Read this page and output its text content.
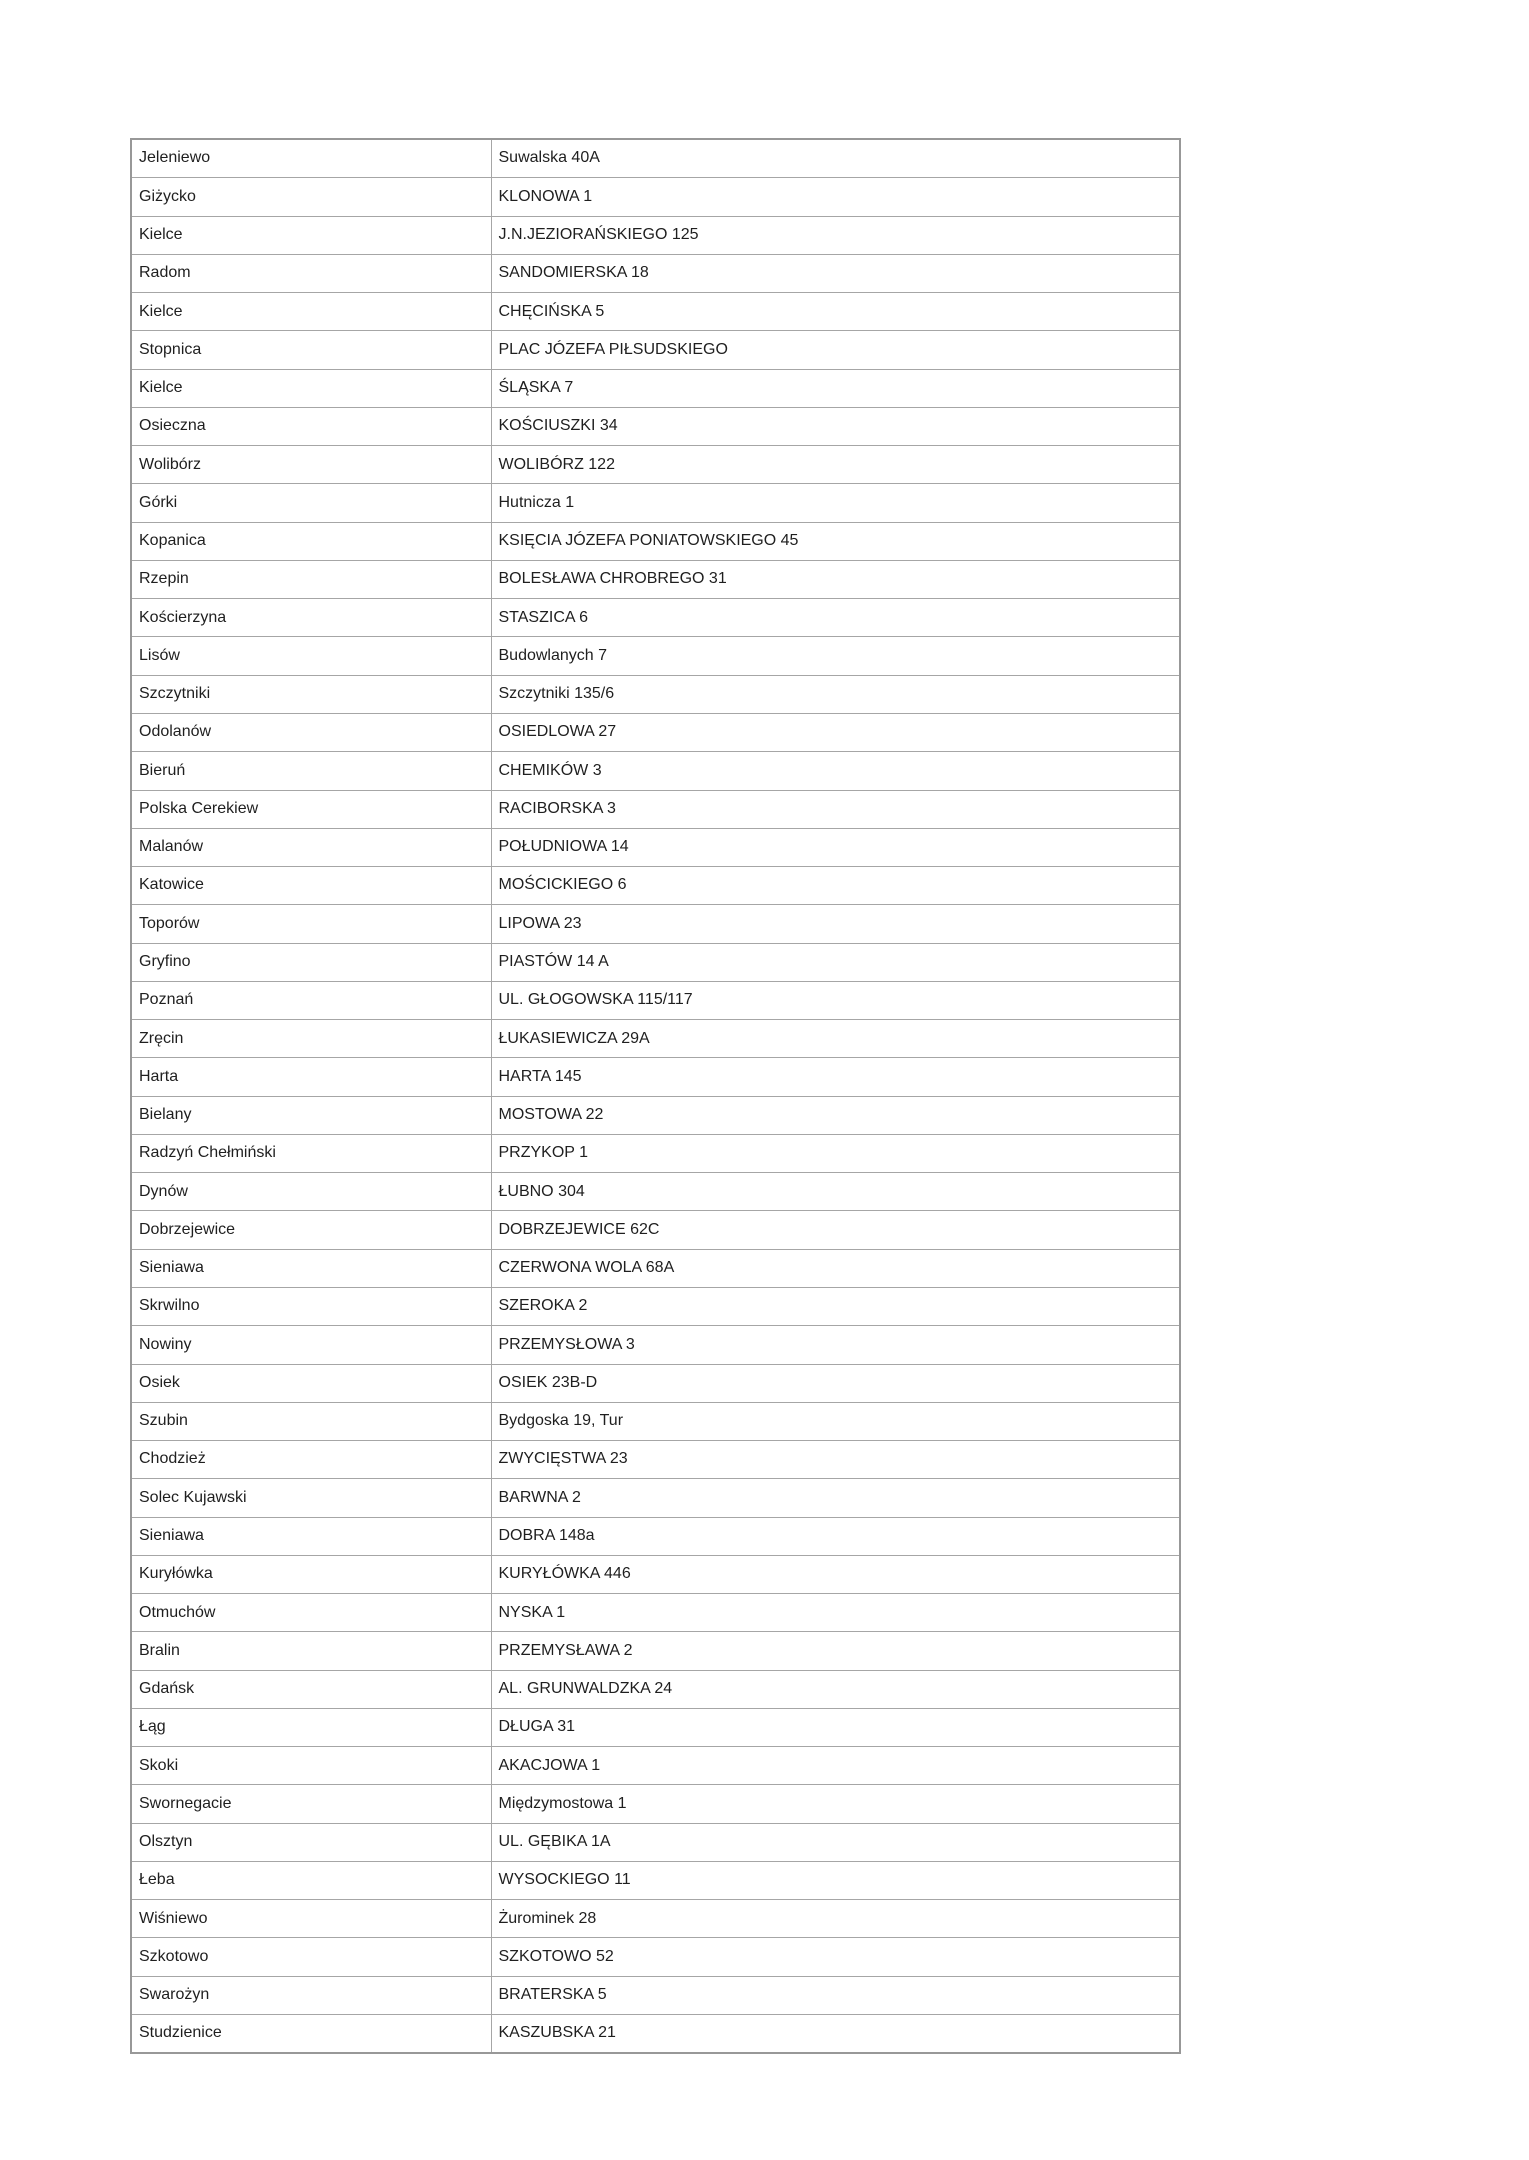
Jeleniewo	Suwalska 40A
Giżycko	KLONOWA 1
Kielce	J.N.JEZIORAŃSKIEGO 125
Radom	SANDOMIERSKA 18
Kielce	CHĘCIŃSKA 5
Stopnica	PLAC JÓZEFA PIŁSUDSKIEGO
Kielce	ŚLĄSKA 7
Osieczna	KOŚCIUSZKI 34
Wolibórz	WOLIBÓRZ 122
Górki	Hutnicza 1
Kopanica	KSIĘCIA JÓZEFA PONIATOWSKIEGO 45
Rzepin	BOLESŁAWA CHROBREGO 31
Kościerzyna	STASZICA 6
Lisów	Budowlanych 7
Szczytniki	Szczytniki 135/6
Odolanów	OSIEDLOWA 27
Bieruń	CHEMIKÓW 3
Polska Cerekiew	RACIBORSKA 3
Malanów	POŁUDNIOWA 14
Katowice	MOŚCICKIEGO 6
Toporów	LIPOWA 23
Gryfino	PIASTÓW 14 A
Poznań	UL. GŁOGOWSKA 115/117
Zręcin	ŁUKASIEWICZA 29A
Harta	HARTA 145
Bielany	MOSTOWA 22
Radzyń Chełmiński	PRZYKOP 1
Dynów	ŁUBNO 304
Dobrzejewice	DOBRZEJEWICE 62C
Sieniawa	CZERWONA WOLA 68A
Skrwilno	SZEROKA 2
Nowiny	PRZEMYSŁOWA 3
Osiek	OSIEK 23B-D
Szubin	Bydgoska 19, Tur
Chodzież	ZWYCIĘSTWA 23
Solec Kujawski	BARWNA 2
Sieniawa	DOBRA 148a
Kuryłówka	KURYŁÓWKA 446
Otmuchów	NYSKA 1
Bralin	PRZEMYSŁAWA 2
Gdańsk	AL. GRUNWALDZKA 24
Łąg	DŁUGA 31
Skoki	AKACJOWA 1
Swornegacie	Międzymostowa 1
Olsztyn	UL. GĘBIKA 1A
Łeba	WYSOCKIEGO 11
Wiśniewo	Żurominek 28
Szkotowo	SZKOTOWO 52
Swarożyn	BRATERSKA 5
Studzienice	KASZUBSKA 21
